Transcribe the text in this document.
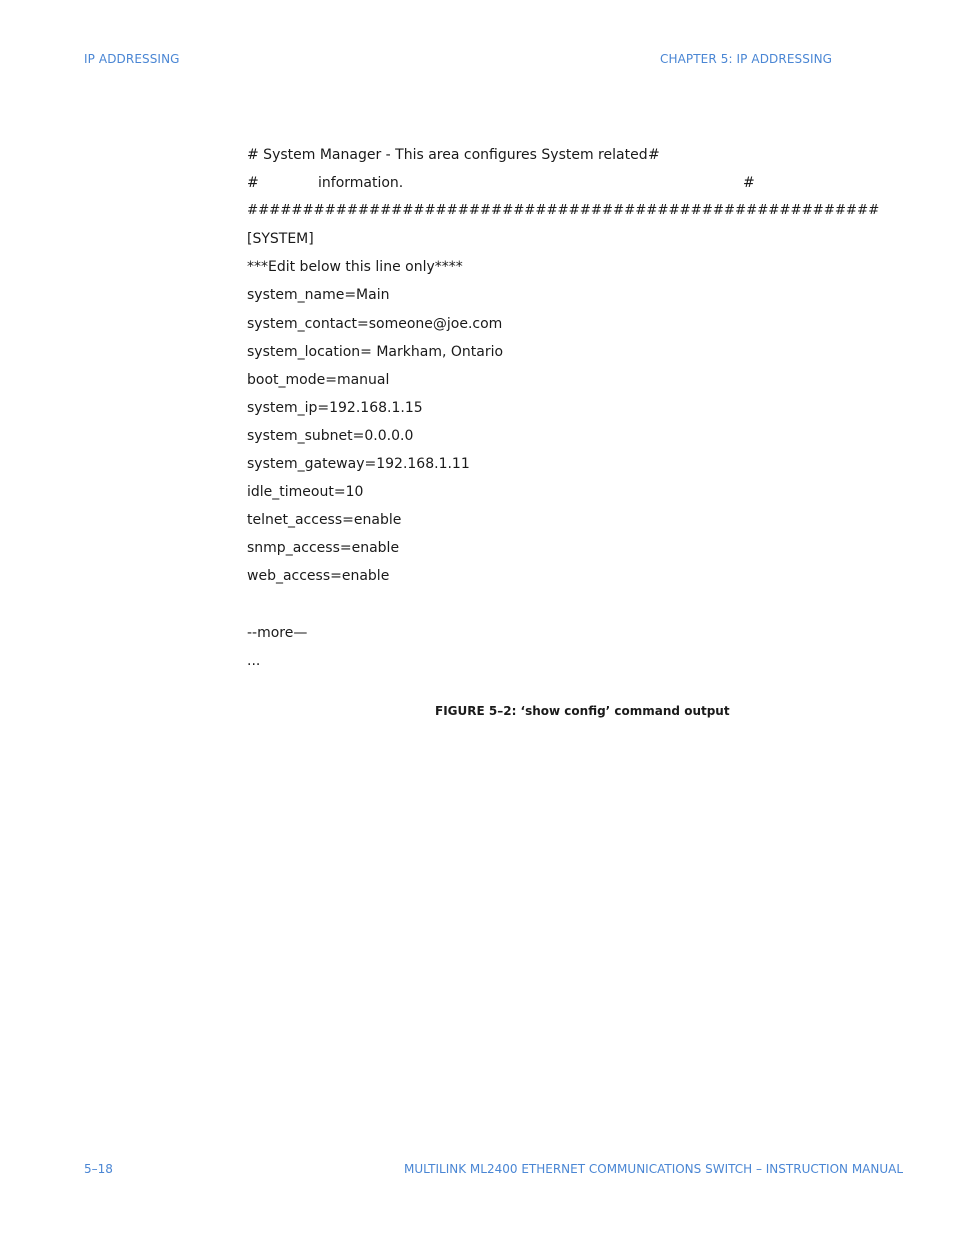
IP ADDRESSING	CHAPTER 5: IP ADDRESSING
# System Manager - This area configures System related #
#	information.	#
#########################################################
[SYSTEM]
***Edit below this line only****
system_name=Main
system_contact=someone@joe.com
system_location= Markham, Ontario
boot_mode=manual
system_ip=192.168.1.15
system_subnet=0.0.0.0
system_gateway=192.168.1.11
idle_timeout=10
telnet_access=enable
snmp_access=enable
web_access=enable
--more—
...
FIGURE 5–2: ‘show config’ command output
5–18	MULTILINK ML2400 ETHERNET COMMUNICATIONS SWITCH – INSTRUCTION MANUAL
